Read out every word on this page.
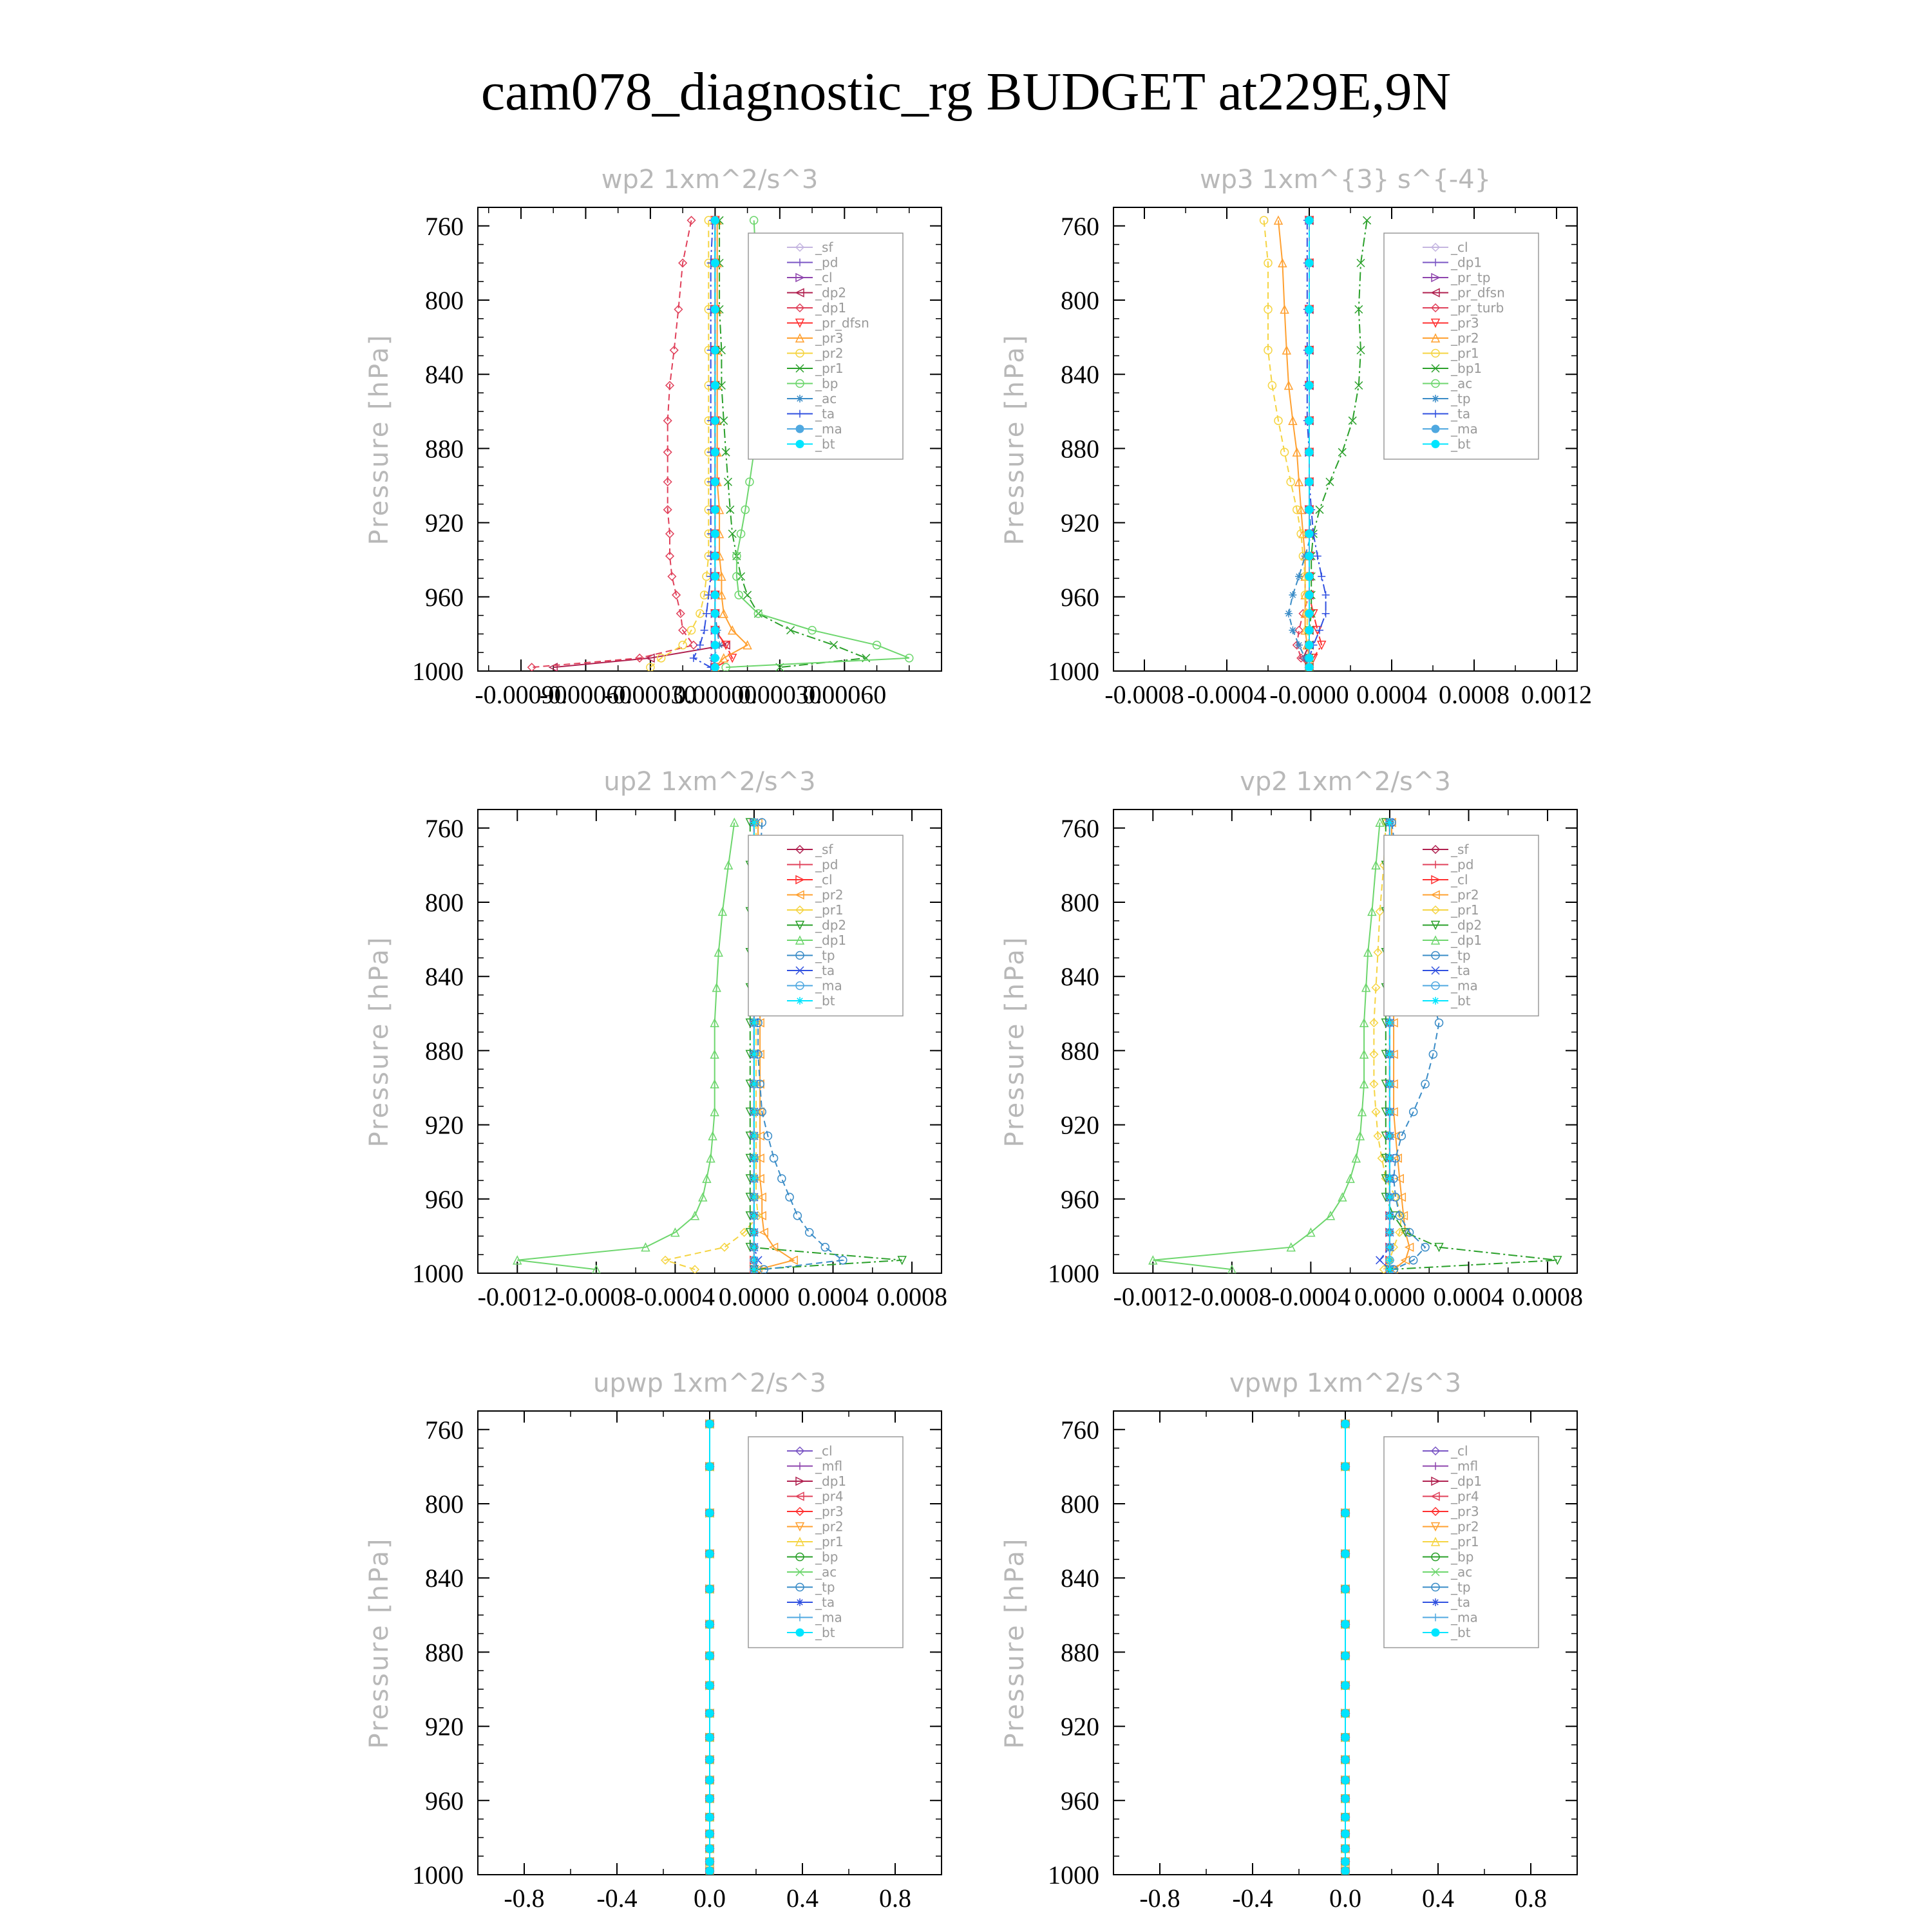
cam078_diagnostic_rg BUDGET at229E,9N
wp2 1xm^2/s^3
Pressure [hPa]
760
800
840
880
920
960
1000
-0.00090
-0.00060
-0.00030
0.00000
0.00030
0.00060
_sf
_pd
_cl
_dp2
_dp1
_pr_dfsn
_pr3
_pr2
_pr1
_bp
_ac
_ta
_ma
_bt
wp3 1xm^{3} s^{-4}
Pressure [hPa]
760
800
840
880
920
960
1000
-0.0008 -0.0004 -0.0000 0.0004 0.0008 0.0012
_cl
_dp1
_pr_tp
_pr_dfsn
_pr_turb
_pr3
_pr2
_pr1
_bp1
_ac
_tp
_ta
_ma
_bt
up2 1xm^2/s^3
Pressure [hPa]
760
800
840
880
920
960
1000
-0.0012 -0.0008 -0.0004 0.0000 0.0004 0.0008
_sf
_pd
_cl
_pr2
_pr1
_dp2
_dp1
_tp
_ta
_ma
_bt
vp2 1xm^2/s^3
Pressure [hPa]
760
800
840
880
920
960
1000
-0.0012 -0.0008 -0.0004 0.0000 0.0004 0.0008
_sf
_pd
_cl
_pr2
_pr1
_dp2
_dp1
_tp
_ta
_ma
_bt
upwp 1xm^2/s^3
Pressure [hPa]
760
800
840
880
920
960
1000
-0.8 -0.4 0.0 0.4 0.8
_cl
_mfl
_dp1
_pr4
_pr3
_pr2
_pr1
_bp
_ac
_tp
_ta
_ma
_bt
vpwp 1xm^2/s^3
Pressure [hPa]
760
800
840
880
920
960
1000
-0.8 -0.4 0.0 0.4 0.8
_cl
_mfl
_dp1
_pr4
_pr3
_pr2
_pr1
_bp
_ac
_tp
_ta
_ma
_bt
